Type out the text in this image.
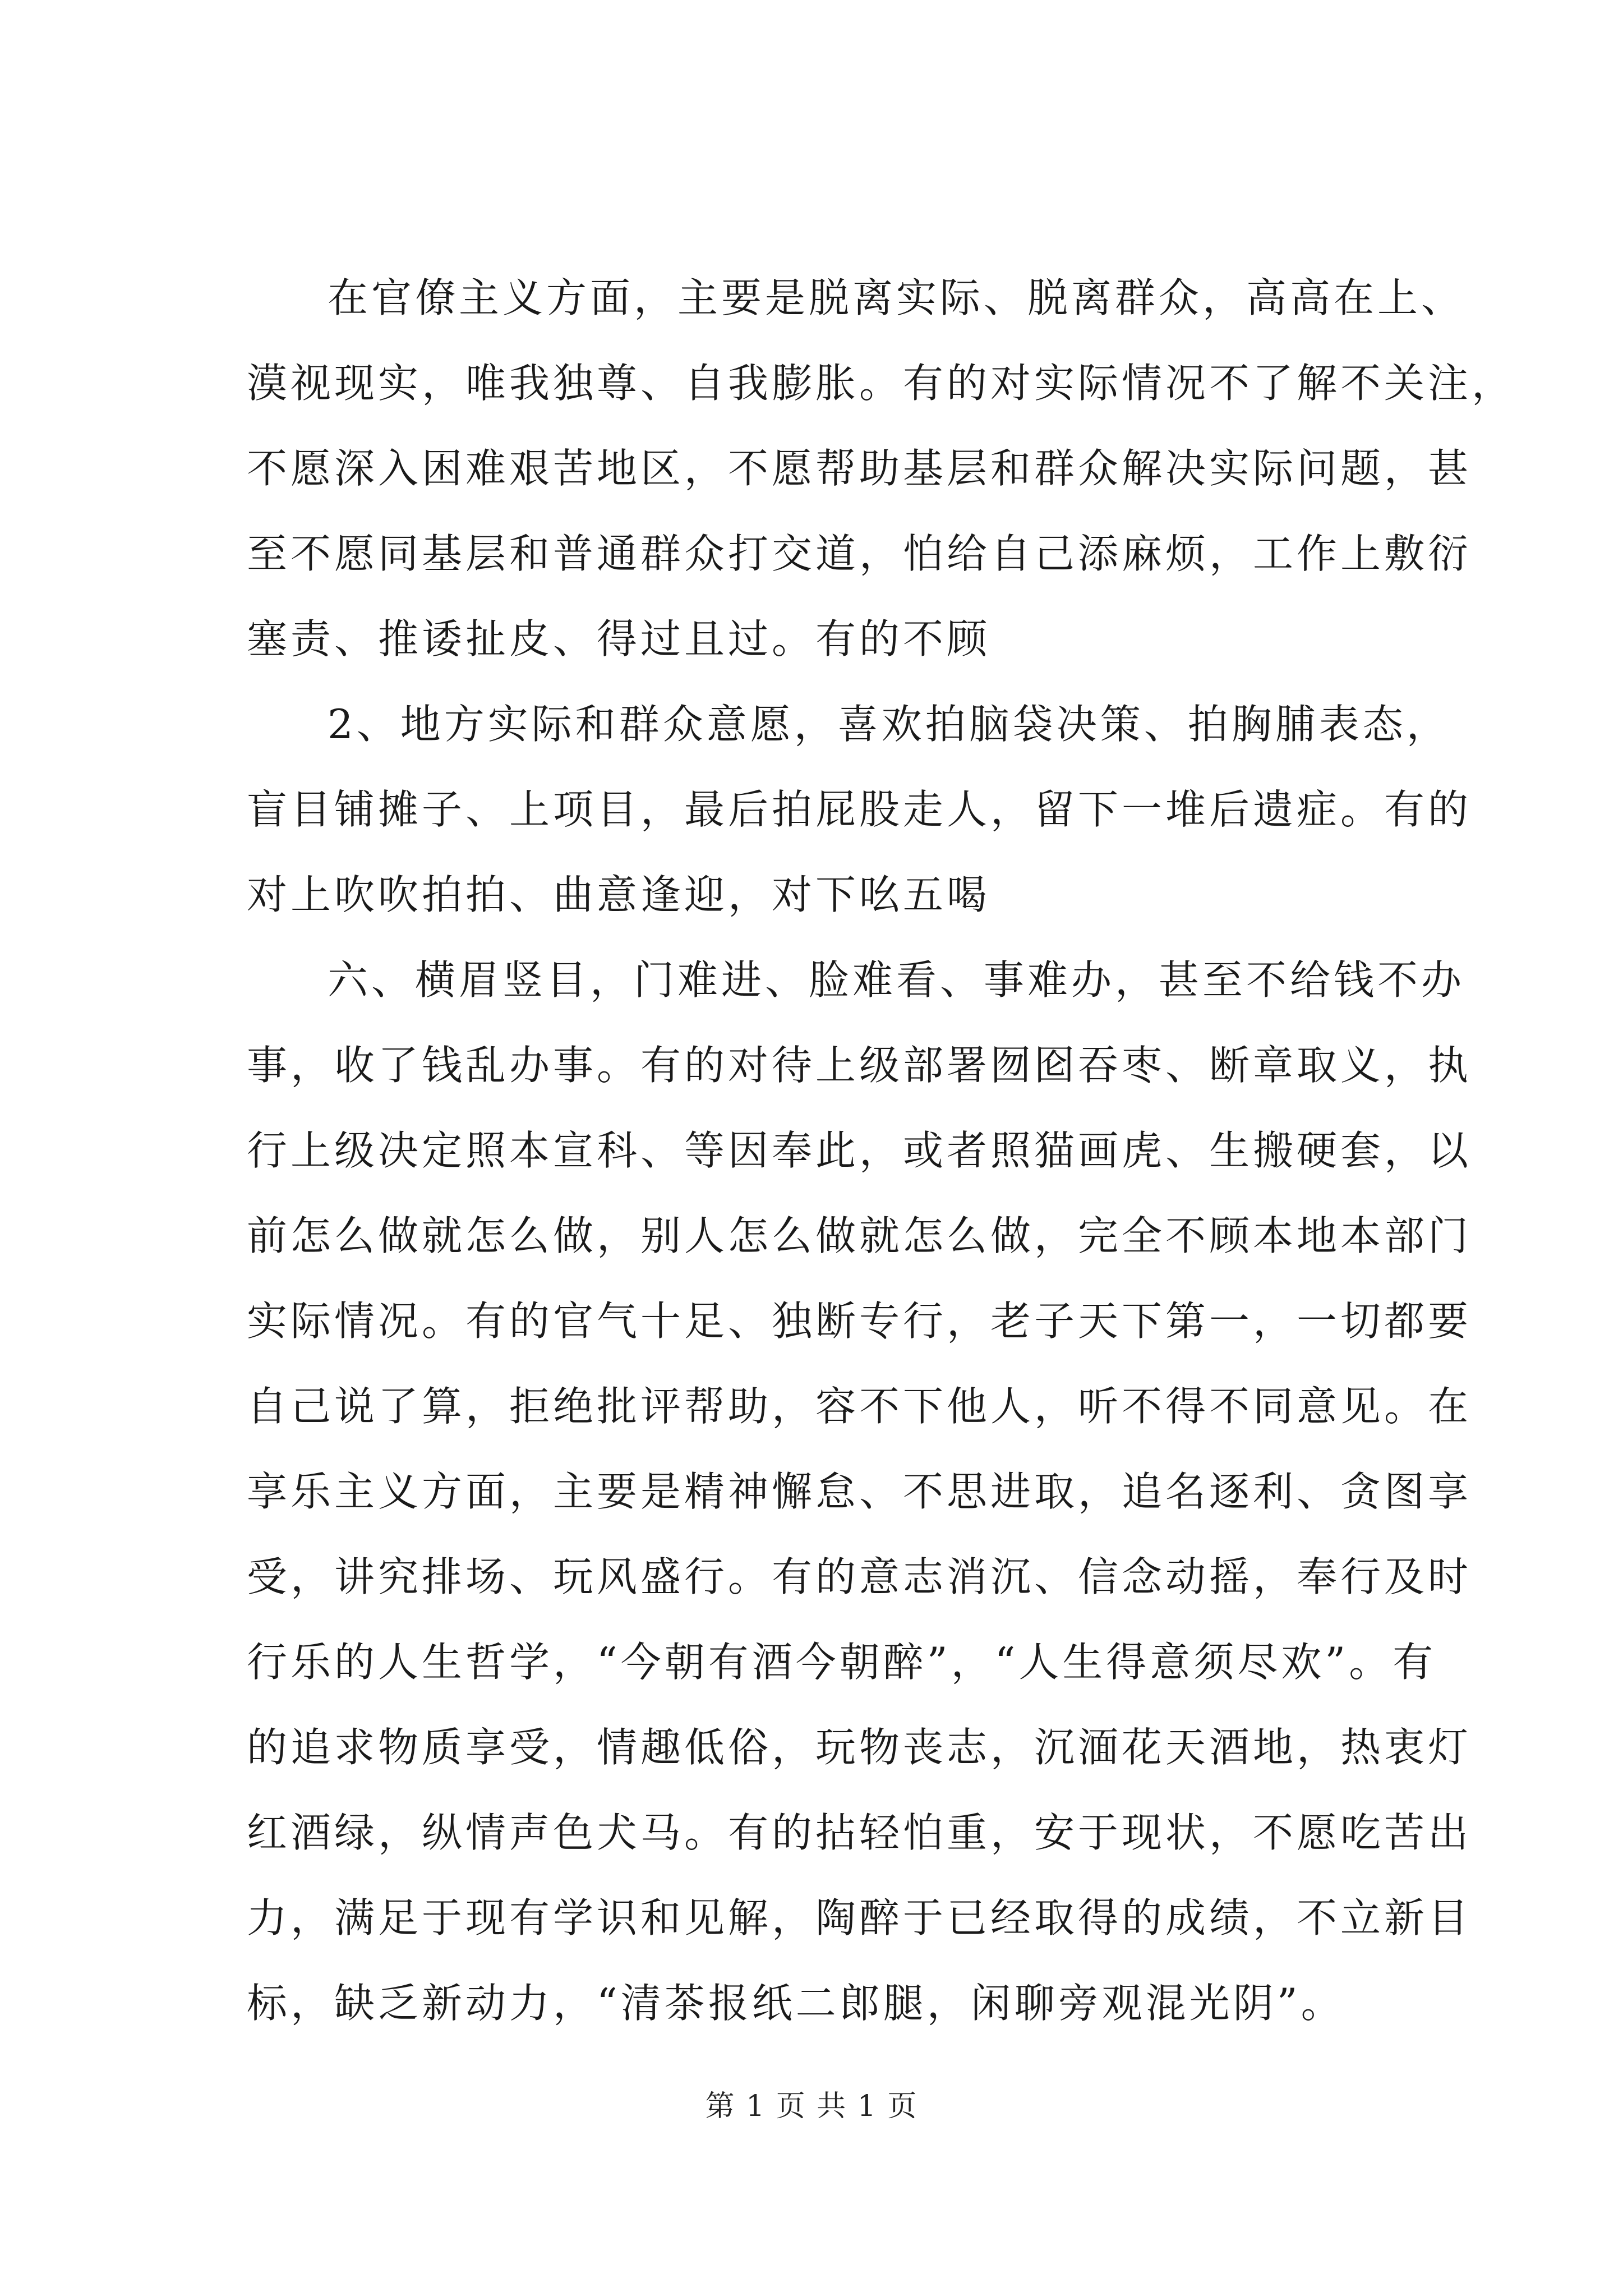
在官僚主义方面，主要是脱离实际、脱离群众，高高在上、
漠视现实，唯我独尊、自我膨胀。有的对实际情况不了解不关注，
不愿深入困难艰苦地区，不愿帮助基层和群众解决实际问题，甚
至不愿同基层和普通群众打交道，怕给自己添麻烦，工作上敷衍
塞责、推诿扯皮、得过且过。有的不顾
2、地方实际和群众意愿，喜欢拍脑袋决策、拍胸脯表态，
盲目铺摊子、上项目，最后拍屁股走人，留下一堆后遗症。有的
对上吹吹拍拍、曲意逢迎，对下吆五喝
六、横眉竖目，门难进、脸难看、事难办，甚至不给钱不办
事，收了钱乱办事。有的对待上级部署囫囵吞枣、断章取义，执
行上级决定照本宣科、等因奉此，或者照猫画虎、生搬硬套，以
前怎么做就怎么做，别人怎么做就怎么做，完全不顾本地本部门
实际情况。有的官气十足、独断专行，老子天下第一，一切都要
自己说了算，拒绝批评帮助，容不下他人，听不得不同意见。在
享乐主义方面，主要是精神懈怠、不思进取，追名逐利、贪图享
受，讲究排场、玩风盛行。有的意志消沉、信念动摇，奉行及时
行乐的人生哲学，“今朝有酒今朝醉”，“人生得意须尽欢”。有
的追求物质享受，情趣低俗，玩物丧志，沉湎花天酒地，热衷灯
红酒绿，纵情声色犬马。有的拈轻怕重，安于现状，不愿吃苦出
力，满足于现有学识和见解，陶醉于已经取得的成绩，不立新目
标，缺乏新动力，“清茶报纸二郎腿，闲聊旁观混光阴”。
第 1 页 共 1 页
